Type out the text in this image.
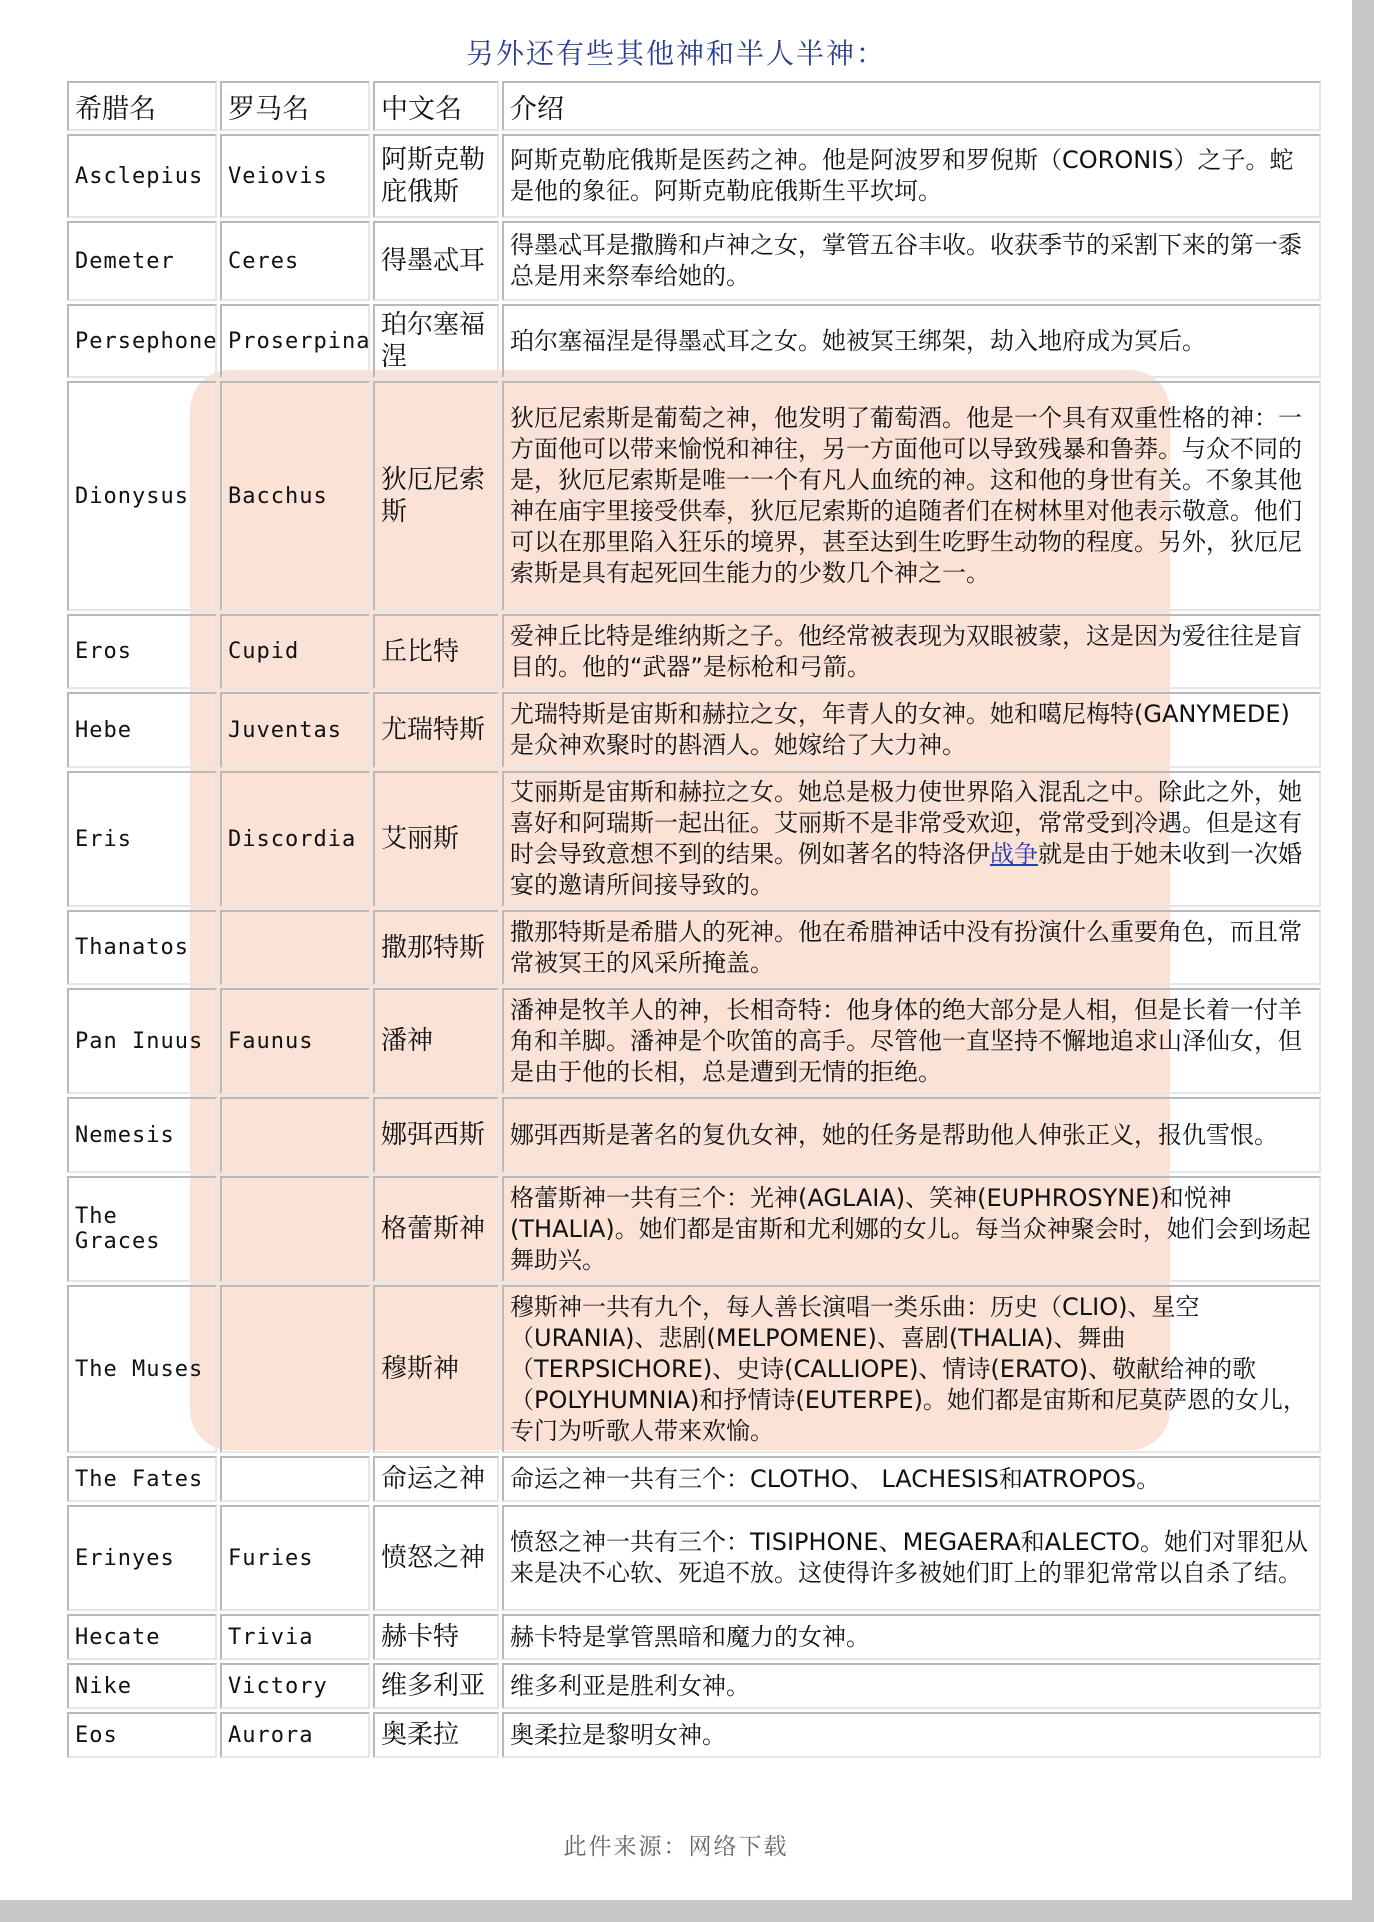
另外还有些其他神和半人半神：
希腊名	罗马名	中文名	介绍
Asclepius	Veiovis	阿斯克勒庇俄斯	阿斯克勒庇俄斯是医药之神。他是阿波罗和罗倪斯（CORONIS）之子。蛇是他的象征。阿斯克勒庇俄斯生平坎坷。
Demeter	Ceres	得墨忒耳	得墨忒耳是撒腾和卢神之女，掌管五谷丰收。收获季节的采割下来的第一黍总是用来祭奉给她的。
Persephone	Proserpina	珀尔塞福涅	珀尔塞福涅是得墨忒耳之女。她被冥王绑架，劫入地府成为冥后。
Dionysus	Bacchus	狄厄尼索斯	狄厄尼索斯是葡萄之神，他发明了葡萄酒。他是一个具有双重性格的神：一方面他可以带来愉悦和神往，另一方面他可以导致残暴和鲁莽。与众不同的是，狄厄尼索斯是唯一一个有凡人血统的神。这和他的身世有关。不象其他神在庙宇里接受供奉，狄厄尼索斯的追随者们在树林里对他表示敬意。他们可以在那里陷入狂乐的境界，甚至达到生吃野生动物的程度。另外，狄厄尼索斯是具有起死回生能力的少数几个神之一。
Eros	Cupid	丘比特	爱神丘比特是维纳斯之子。他经常被表现为双眼被蒙，这是因为爱往往是盲目的。他的“武器”是标枪和弓箭。
Hebe	Juventas	尤瑞特斯	尤瑞特斯是宙斯和赫拉之女，年青人的女神。她和噶尼梅特(GANYMEDE)是众神欢聚时的斟酒人。她嫁给了大力神。
Eris	Discordia	艾丽斯	艾丽斯是宙斯和赫拉之女。她总是极力使世界陷入混乱之中。除此之外，她喜好和阿瑞斯一起出征。艾丽斯不是非常受欢迎，常常受到冷遇。但是这有时会导致意想不到的结果。例如著名的特洛伊战争就是由于她未收到一次婚宴的邀请所间接导致的。
Thanatos		撒那特斯	撒那特斯是希腊人的死神。他在希腊神话中没有扮演什么重要角色，而且常常被冥王的风采所掩盖。
Pan Inuus	Faunus	潘神	潘神是牧羊人的神，长相奇特：他身体的绝大部分是人相，但是长着一付羊角和羊脚。潘神是个吹笛的高手。尽管他一直坚持不懈地追求山泽仙女，但是由于他的长相，总是遭到无情的拒绝。
Nemesis		娜弭西斯	娜弭西斯是著名的复仇女神，她的任务是帮助他人伸张正义，报仇雪恨。
The Graces		格蕾斯神	格蕾斯神一共有三个：光神(AGLAIA)、笑神(EUPHROSYNE)和悦神(THALIA)。她们都是宙斯和尤利娜的女儿。每当众神聚会时，她们会到场起舞助兴。
The Muses		穆斯神	穆斯神一共有九个，每人善长演唱一类乐曲：历史（CLIO)、星空（URANIA)、悲剧(MELPOMENE)、喜剧(THALIA)、舞曲（TERPSICHORE)、史诗(CALLIOPE)、情诗(ERATO)、敬献给神的歌（POLYHUMNIA)和抒情诗(EUTERPE)。她们都是宙斯和尼莫萨恩的女儿，专门为听歌人带来欢愉。
The Fates		命运之神	命运之神一共有三个：CLOTHO、 LACHESIS和ATROPOS。
Erinyes	Furies	愤怒之神	愤怒之神一共有三个：TISIPHONE、MEGAERA和ALECTO。她们对罪犯从来是决不心软、死追不放。这使得许多被她们盯上的罪犯常常以自杀了结。
Hecate	Trivia	赫卡特	赫卡特是掌管黑暗和魔力的女神。
Nike	Victory	维多利亚	维多利亚是胜利女神。
Eos	Aurora	奥柔拉	奥柔拉是黎明女神。
此件来源：网络下载
